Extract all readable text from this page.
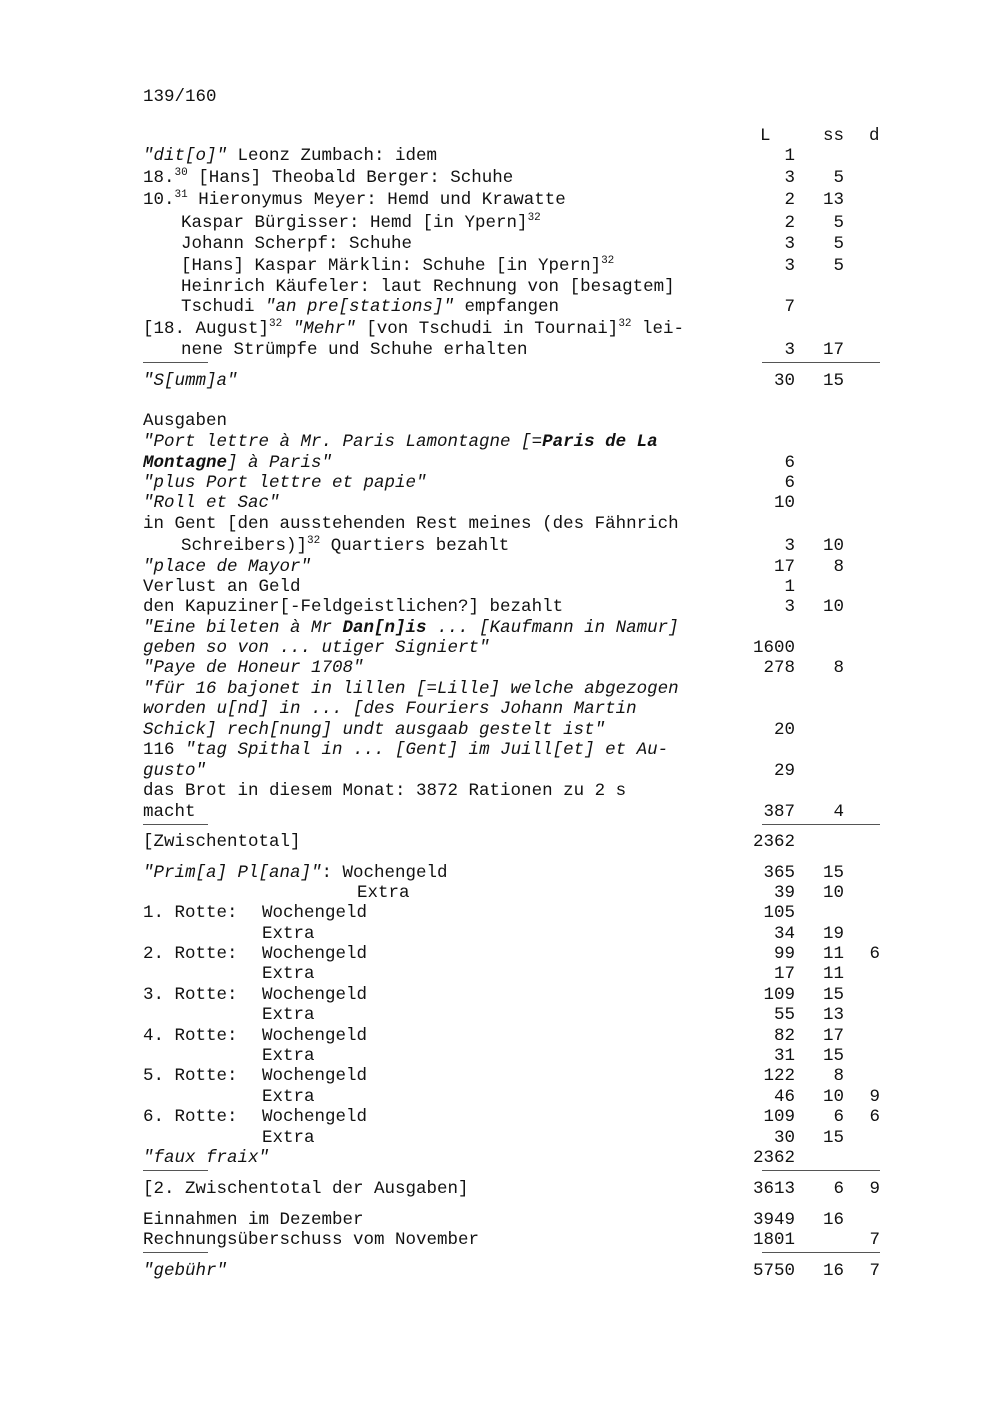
139/160
L	ss d
"dit[o]" Leonz Zumbach: idem	1
18.30 [Hans] Theobald Berger: Schuhe	3 5
10.31 Hieronymus Meyer: Hemd und Krawatte	2 13
Kaspar Bürgisser: Hemd [in Ypern]$^{32}$	2 5
Johann Scherpf: Schuhe	3 5
[Hans] Kaspar Märklin: Schuhe [in Ypern]$^{32}$	3 5
Heinrich Käufeler: laut Rechnung von [besagtem]
Tschudi "an pre[stations]" empfangen	7
[18. August]$^{32}$ "Mehr" [von Tschudi in Tournai]$^{32}$ lei-
nene Strümpfe und Schuhe erhalten	3 17
"S[umm]a"	30 15
Ausgaben
"Port lettre à Mr. Paris Lamontagne [=Paris de La
Montagne] à Paris"	6
"plus Port lettre et papie"	6
"Roll et Sac"	10
in Gent [den ausstehenden Rest meines (des Fähnrich
Schreibers)]$^{32}$ Quartiers bezahlt	3 10
"place de Mayor"	17 8
Verlust an Geld	1
den Kapuziner[-Feldgeistlichen?] bezahlt	3 10
"Eine bileten à Mr Dan[n]is ... [Kaufmann in Namur]
geben so von ... utiger Signiert"	1600
"Paye de Honeur 1708"	278 8
"für 16 bajonet in lillen [=Lille] welche abgezogen
worden u[nd] in ... [des Fouriers Johann Martin
Schick] rech[nung] undt ausgaab gestelt ist"	20
116 "tag Spithal in ... [Gent] im Juill[et] et Au-
gusto"	29
das Brot in diesem Monat: 3872 Rationen zu 2 s
macht	387 4
[Zwischentotal]	2362
"Prim[a] Pl[ana]": Wochengeld	365 15
Extra	39 10
1. Rotte: Wochengeld	105
Extra	34 19
2. Rotte: Wochengeld	99 11 6
Extra	17 11
3. Rotte: Wochengeld	109 15
Extra	55 13
4. Rotte: Wochengeld	82 17
Extra	31 15
5. Rotte: Wochengeld	122 8
Extra	46 10 9
6. Rotte: Wochengeld	109 6 6
Extra	30 15
"faux fraix"	2362
[2. Zwischentotal der Ausgaben]	3613 6 9
Einnahmen im Dezember	3949 16
Rechnungsüberschuss vom November	1801	7
"gebühr"	5750 16 7
